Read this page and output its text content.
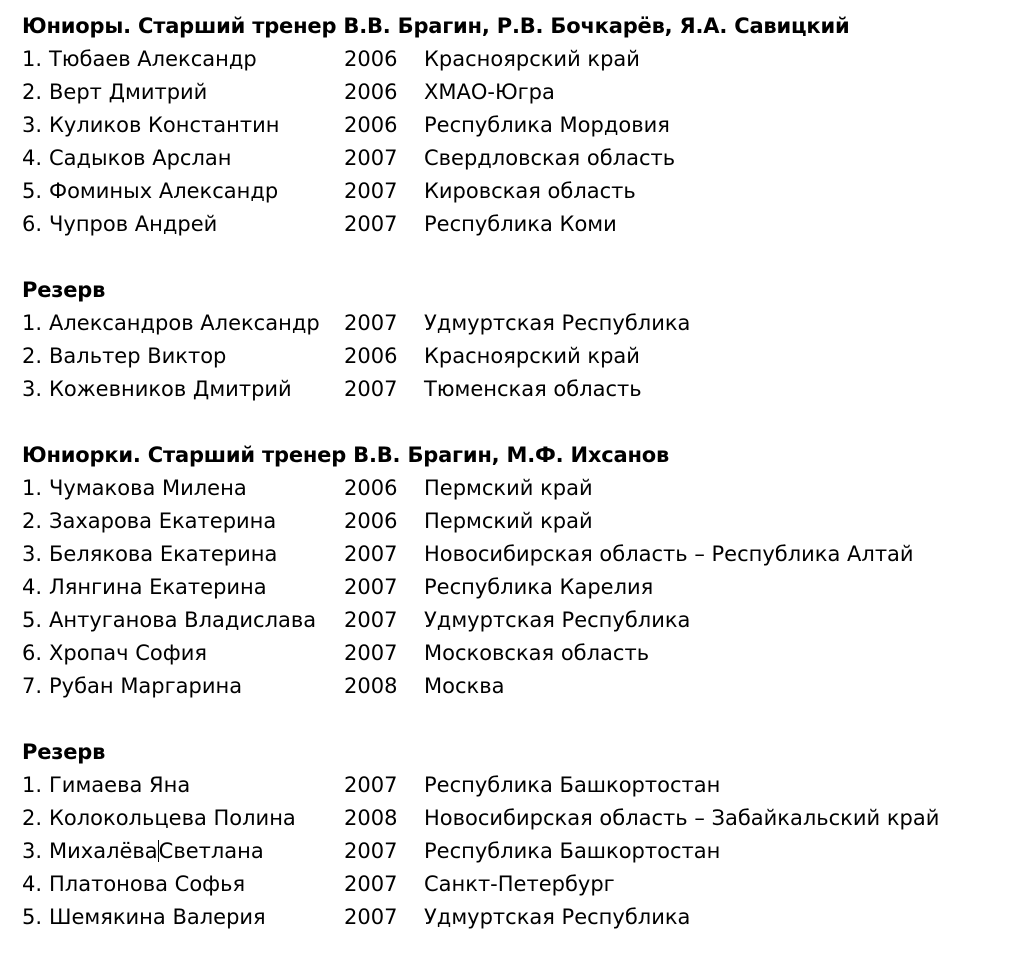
Юниоры. Старший тренер В.В. Брагин, Р.В. Бочкарёв, Я.А. Савицкий
1. Тюбаев Александр	2006 Красноярский край
2. Верт Дмитрий	2006 ХМАО-Югра
3. Куликов Константин	2006 Республика Мордовия
4. Садыков Арслан	2007 Свердловская область
5. Фоминых Александр	2007 Кировская область
6. Чупров Андрей	2007 Республика Коми
Резерв
1. Александров Александр 2007 Удмуртская Республика
2. Вальтер Виктор	2006 Красноярский край
3. Кожевников Дмитрий 2007 Тюменская область
Юниорки. Старший тренер В.В. Брагин, М.Ф. Ихсанов
1. Чумакова Милена	2006 Пермский край
2. Захарова Екатерина	2006 Пермский край
3. Белякова Екатерина	2007 Новосибирская область – Республика Алтай
4. Лянгина Екатерина	2007 Республика Карелия
5. Антуганова Владислава 2007 Удмуртская Республика
6. Хропач София	2007 Московская область
7. Рубан Маргарина	2008 Москва
Резерв
1. Гимаева Яна	2007 Республика Башкортостан
2. Колокольцева Полина 2008 Новосибирская область – Забайкальский край
3. МихалёваСветлана	2007 Республика Башкортостан
4. Платонова Софья	2007 Санкт-Петербург
5. Шемякина Валерия	2007 Удмуртская Республика
